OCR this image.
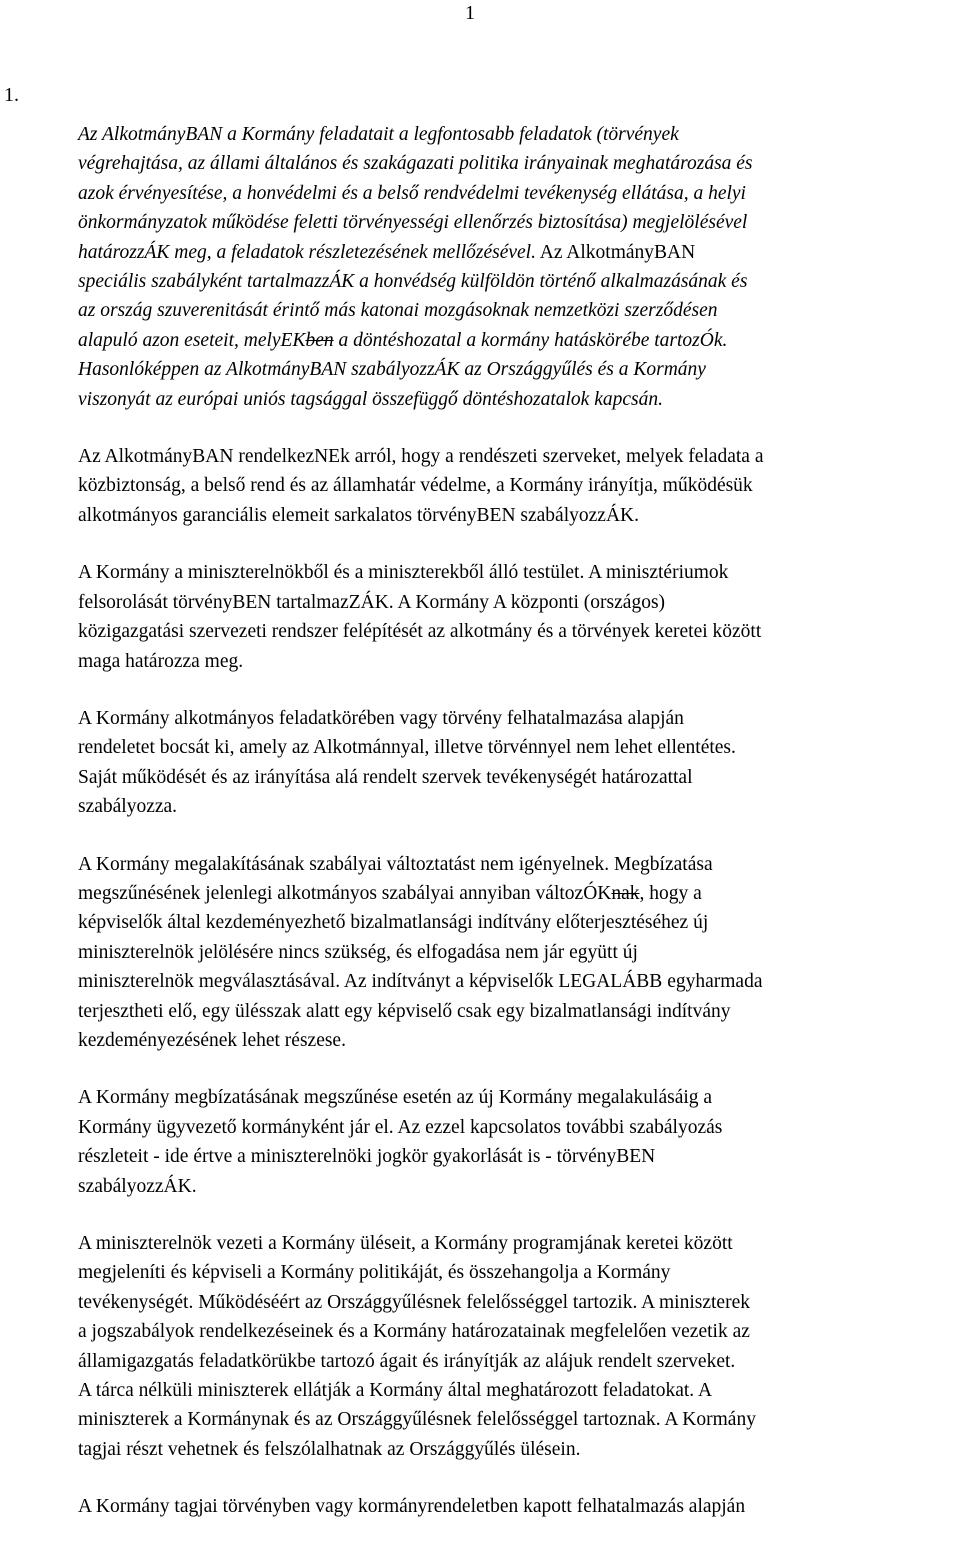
1
1.

Az AlkotmányBAN a Kormány feladatait a legfontosabb feladatok (törvények
végrehajtása, az állami általános és szakágazati politika irányainak meghatározása és
azok érvényesítése, a honvédelmi és a belső rendvédelmi tevékenység ellátása, a helyi
önkormányzatok működése feletti törvényességi ellenőrzés biztosítása) megjelölésével
határozzÁK meg, a feladatok részletezésének mellőzésével. Az AlkotmányBAN
speciális szabályként tartalmazzÁK a honvédség külföldön történő alkalmazásának és
az ország szuverenitását érintő más katonai mozgásoknak nemzetközi szerződésen
alapuló azon eseteit, melyEKben a döntéshozatal a kormány hatáskörébe tartozÓk.
Hasonlóképpen az AlkotmányBAN szabályozzÁK az Országgyűlés és a Kormány
viszonyát az európai uniós tagsággal összefüggő döntéshozatalok kapcsán.

Az AlkotmányBAN rendelkezNEk arról, hogy a rendészeti szerveket, melyek feladata a
közbiztonság, a belső rend és az államhatár védelme, a Kormány irányítja, működésük
alkotmányos garanciális elemeit sarkalatos törvényBEN szabályozzÁK.

A Kormány a miniszterelnökből és a miniszterekből álló testület. A minisztériumok
felsorolását törvényBEN tartalmazZÁK. A Kormány A központi (országos)
közigazgatási szervezeti rendszer felépítését az alkotmány és a törvények keretei között
maga határozza meg.

A Kormány alkotmányos feladatkörében vagy törvény felhatalmazása alapján
rendeletet bocsát ki, amely az Alkotmánnyal, illetve törvénnyel nem lehet ellentétes.
Saját működését és az irányítása alá rendelt szervek tevékenységét határozattal
szabályozza.

A Kormány megalakításának szabályai változtatást nem igényelnek. Megbízatása
megszűnésének jelenlegi alkotmányos szabályai annyiban változÓKnak, hogy a
képviselők által kezdeményezhető bizalmatlansági indítvány előterjesztéséhez új
miniszterelnök jelölésére nincs szükség, és elfogadása nem jár együtt új
miniszterelnök megválasztásával. Az indítványt a képviselők LEGALÁBB egyharmada
terjesztheti elő, egy ülésszak alatt egy képviselő csak egy bizalmatlansági indítvány
kezdeményezésének lehet részese.

A Kormány megbízatásának megszűnése esetén az új Kormány megalakulásáig a
Kormány ügyvezető kormányként jár el. Az ezzel kapcsolatos további szabályozás
részleteit - ide értve a miniszterelnöki jogkör gyakorlását is - törvényBEN
szabályozzÁK.

A miniszterelnök vezeti a Kormány üléseit, a Kormány programjának keretei között
megjeleníti és képviseli a Kormány politikáját, és összehangolja a Kormány
tevékenységét. Működéséért az Országgyűlésnek felelősséggel tartozik. A miniszterek
a jogszabályok rendelkezéseinek és a Kormány határozatainak megfelelően vezetik az
államigazgatás feladatkörükbe tartozó ágait és irányítják az alájuk rendelt szerveket.
A tárca nélküli miniszterek ellátják a Kormány által meghatározott feladatokat. A
miniszterek a Kormánynak és az Országgyűlésnek felelősséggel tartoznak. A Kormány
tagjai részt vehetnek és felszólalhatnak az Országgyűlés ülésein.

A Kormány tagjai törvényben vagy kormányrendeletben kapott felhatalmazás alapján
